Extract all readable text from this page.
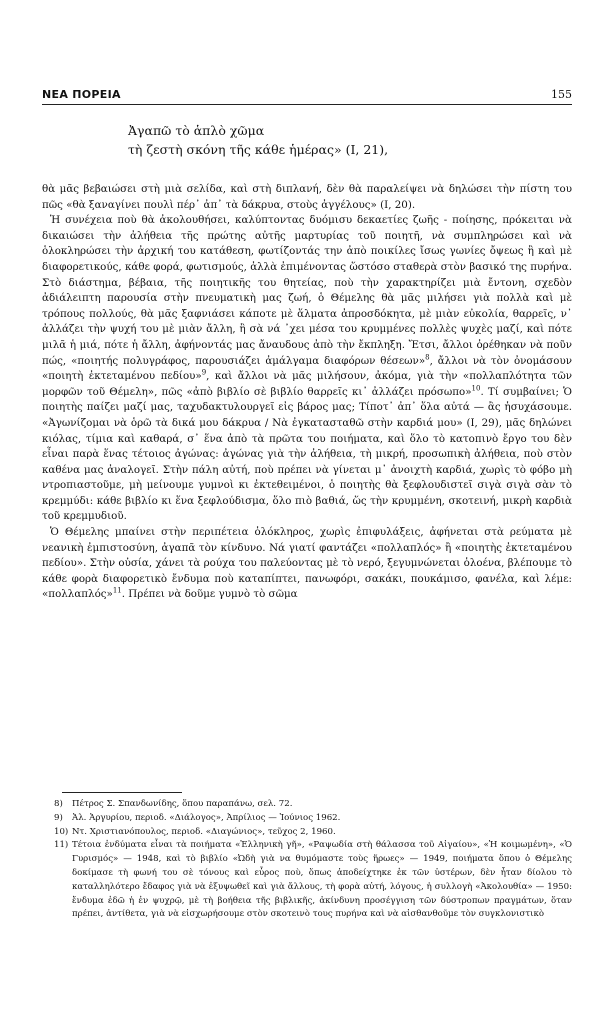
ΝΕΑ ΠΟΡΕΙΑ	155
Ἀγαπῶ τὸ ἁπλὸ χῶμα
τὴ ζεστὴ σκόνη τῆς κάθε ἡμέρας» (I, 21),

θὰ μᾶς βεβαιώσει στὴ μιὰ σελίδα, καὶ στὴ διπλανή, δὲν θὰ παραλείψει νὰ δηλώσει τὴν πίστη του πῶς «θὰ ξαναγίνει πουλὶ πέρ᾽ ἀπ᾽ τὰ δάκρυα, στοὺς ἀγγέλους» (I, 20).

Ἡ συνέχεια ποὺ θὰ ἀκολουθήσει, καλύπτοντας δυόμισυ δεκαετίες ζωῆς - ποίησης, πρόκειται νὰ δικαιώσει τὴν ἀλήθεια τῆς πρώτης αὐτῆς μαρτυρίας τοῦ ποιητῆ, νὰ συμπληρώσει καὶ νὰ ὁλοκληρώσει τὴν ἀρχική του κατάθεση, φωτίζοντάς την ἀπὸ ποικίλες ἴσως γωνίες ὄψεως ἢ καὶ μὲ διαφορετικούς, κάθε φορά, φωτισμούς, ἀλλὰ ἐπιμένοντας ὥστόσο σταθερὰ στὸν βασικό της πυρήνα. Στὸ διάστημα, βέβαια, τῆς ποιητικῆς του θητείας, ποὺ τὴν χαρακτηρίζει μιὰ ἔντονη, σχεδὸν ἀδιάλειπτη παρουσία στὴν πνευματικὴ μας ζωή, ὁ Θέμελης θὰ μᾶς μιλήσει γιὰ πολλὰ καὶ μὲ τρόπους πολλούς, θὰ μᾶς ξαφνιάσει κάποτε μὲ ἅλματα ἀπροσδόκητα, μὲ μιὰν εὐκολία, θαρρεῖς, ν᾽ ἀλλάζει τὴν ψυχή του μὲ μιὰν ἄλλη, ἢ σὰ νά ᾽χει μέσα του κρυμμένες πολλὲς ψυχὲς μαζί, καὶ πότε μιλᾶ ἡ μιά, πότε ἡ ἄλλη, ἀφήνοντάς μας ἄναυδους ἀπὸ τὴν ἔκπληξη. Ἔτσι, ἄλλοι ὀρέθηκαν νὰ ποῦν πώς, «ποιητής πολυγράφος, παρουσιάζει ἀμάλγαμα διαφόρων θέσεων»$^8$, ἄλλοι νὰ τὸν ὀνομάσουν «ποιητὴ ἐκτεταμένου πεδίου»$^9$, καὶ ἄλλοι νὰ μᾶς μιλήσουν, ἀκόμα, γιὰ τὴν «πολλαπλότητα τῶν μορφῶν τοῦ Θέμελη», πῶς «ἀπὸ βιβλίο σὲ βιβλίο θαρρεῖς κι᾽ ἀλλάζει πρόσωπο»$^{10}$. Τί συμβαίνει; Ὁ ποιητὴς παίζει μαζί μας, ταχυδακτυλουργεῖ εἰς βάρος μας; Τίποτ᾽ ἀπ᾽ ὅλα αὐτά — ἂς ἡσυχάσουμε. «Ἀγωνίζομαι νὰ ὁρῶ τὰ δικά μου δάκρυα / Νὰ ἐγκατασταθῶ στὴν καρδιά μου» (I, 29), μᾶς δηλώνει κιόλας, τίμια καὶ καθαρά, σ᾽ ἕνα ἀπὸ τὰ πρῶτα του ποιήματα, καὶ ὅλο τὸ κατοπινὸ ἔργο του δὲν εἶναι παρὰ ἕνας τέτοιος ἀγώνας: ἀγώνας γιὰ τὴν ἀλήθεια, τὴ μικρή, προσωπικὴ ἀλήθεια, ποὺ στὸν καθένα μας ἀναλογεῖ. Στὴν πάλη αὐτή, ποὺ πρέπει νὰ γίνεται μ᾽ ἀνοιχτὴ καρδιά, χωρὶς τὸ φόβο μὴ ντροπιαστοῦμε, μὴ μείνουμε γυμνοὶ κι ἐκτεθειμένοι, ὁ ποιητὴς θὰ ξεφλουδιστεῖ σιγὰ σιγὰ σὰν τὸ κρεμμύδι: κάθε βιβλίο κι ἕνα ξεφλούδισμα, ὅλο πιὸ βαθιά, ὥς τὴν κρυμμένη, σκοτεινή, μικρὴ καρδιὰ τοῦ κρεμμυδιοῦ.

Ὁ Θέμελης μπαίνει στὴν περιπέτεια ὁλόκληρος, χωρὶς ἐπιφυλάξεις, ἀφήνεται στὰ ρεύματα μὲ νεανικὴ ἐμπιστοσύνη, ἀγαπᾶ τὸν κίνδυνο. Νά γιατί φαντάζει «πολλαπλός» ἢ «ποιητὴς ἐκτεταμένου πεδίου». Στὴν οὐσία, χάνει τὰ ρούχα του παλεύοντας μὲ τὸ νερό, ξεγυμνώνεται ὁλοένα, βλέπουμε τὸ κάθε φορὰ διαφορετικὸ ἔνδυμα ποὺ καταπίπτει, πανωφόρι, σακάκι, πουκάμισο, φανέλα, καὶ λέμε: «πολλαπλός»$^{11}$. Πρέπει νὰ δοῦμε γυμνὸ τὸ σῶμα

8) Πέτρος Σ. Σπανδωνίδης, ὅπου παραπάνω, σελ. 72.

9) Ἀλ. Ἀργυρίου, περιοδ. «Διάλογος», Ἀπρίλιος — Ἰούνιος 1962.

10) Ντ. Χριστιανόπουλος, περιοδ. «Διαγώνιος», τεῦχος 2, 1960.

11) Τέτοια ἐνδύματα εἶναι τὰ ποιήματα «Ἑλληνικὴ γῆ», «Ραψωδία στὴ θάλασσα τοῦ Αἰγαίου», «Ἡ κοιμωμένη», «Ὁ Γυρισμός» — 1948, καὶ τὸ βιβλίο «Ὠδὴ γιὰ να θυμόμαστε τοὺς ἥρωες» — 1949, ποιήματα ὅπου ὁ Θέμελης δοκίμασε τὴ φωνή του σὲ τόνους καὶ εὖρος ποὺ, ὅπως ἀποδείχτηκε ἐκ τῶν ὑστέρων, δὲν ἦταν δίολου τὸ καταλληλότερο ἔδαφος γιὰ νὰ ἐξυψωθεῖ καὶ γιὰ ἄλλους, τὴ φορὰ αὐτή, λόγους, ἡ συλλογὴ «Ἀκολουθία» — 1950: ἔνδυμα ἐδῶ ἡ ἐν ψυχρῷ, μὲ τὴ βοήθεια τῆς βιβλικῆς, ἀκίνδυνη προσέγγιση τῶν δύστροπων πραγμάτων, ὅταν πρέπει, ἀντίθετα, γιὰ νὰ εἰσχωρήσουμε στὸν σκοτεινὸ τους πυρήνα καὶ νὰ αἰσθανθοῦμε τὸν συγκλονιστικὸ
